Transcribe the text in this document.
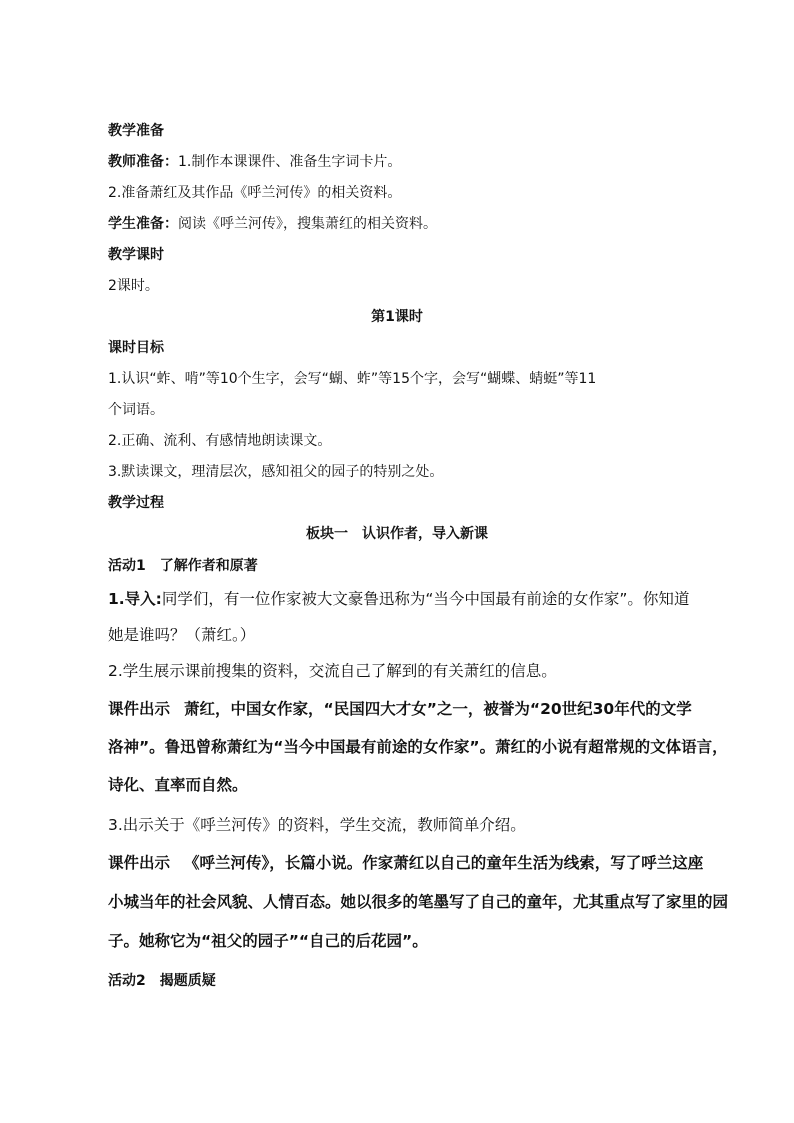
教学准备
教师准备：1.制作本课课件、准备生字词卡片。
2.准备萧红及其作品《呼兰河传》的相关资料。
学生准备：阅读《呼兰河传》，搜集萧红的相关资料。
教学课时
2课时。
第1课时
课时目标
1.认识“蚱、啃”等10个生字，会写“蝴、蚱”等15个字，会写“蝴蝶、蜻蜓”等11
个词语。
2.正确、流利、有感情地朗读课文。
3.默读课文，理清层次，感知祖父的园子的特别之处。
教学过程
板块一 认识作者，导入新课
活动1 了解作者和原著
1.导入:同学们，有一位作家被大文豪鲁迅称为“当今中国最有前途的女作家”。你知道
她是谁吗？（萧红。）
2.学生展示课前搜集的资料，交流自己了解到的有关萧红的信息。
课件出示 萧红，中国女作家，“民国四大才女”之一，被誉为“20世纪30年代的文学
洛神”。鲁迅曾称萧红为“当今中国最有前途的女作家”。萧红的小说有超常规的文体语言，
诗化、直率而自然。
3.出示关于《呼兰河传》的资料，学生交流，教师简单介绍。
课件出示 《呼兰河传》，长篇小说。作家萧红以自己的童年生活为线索，写了呼兰这座
小城当年的社会风貌、人情百态。她以很多的笔墨写了自己的童年，尤其重点写了家里的园
子。她称它为“祖父的园子”“自己的后花园”。
活动2 揭题质疑
